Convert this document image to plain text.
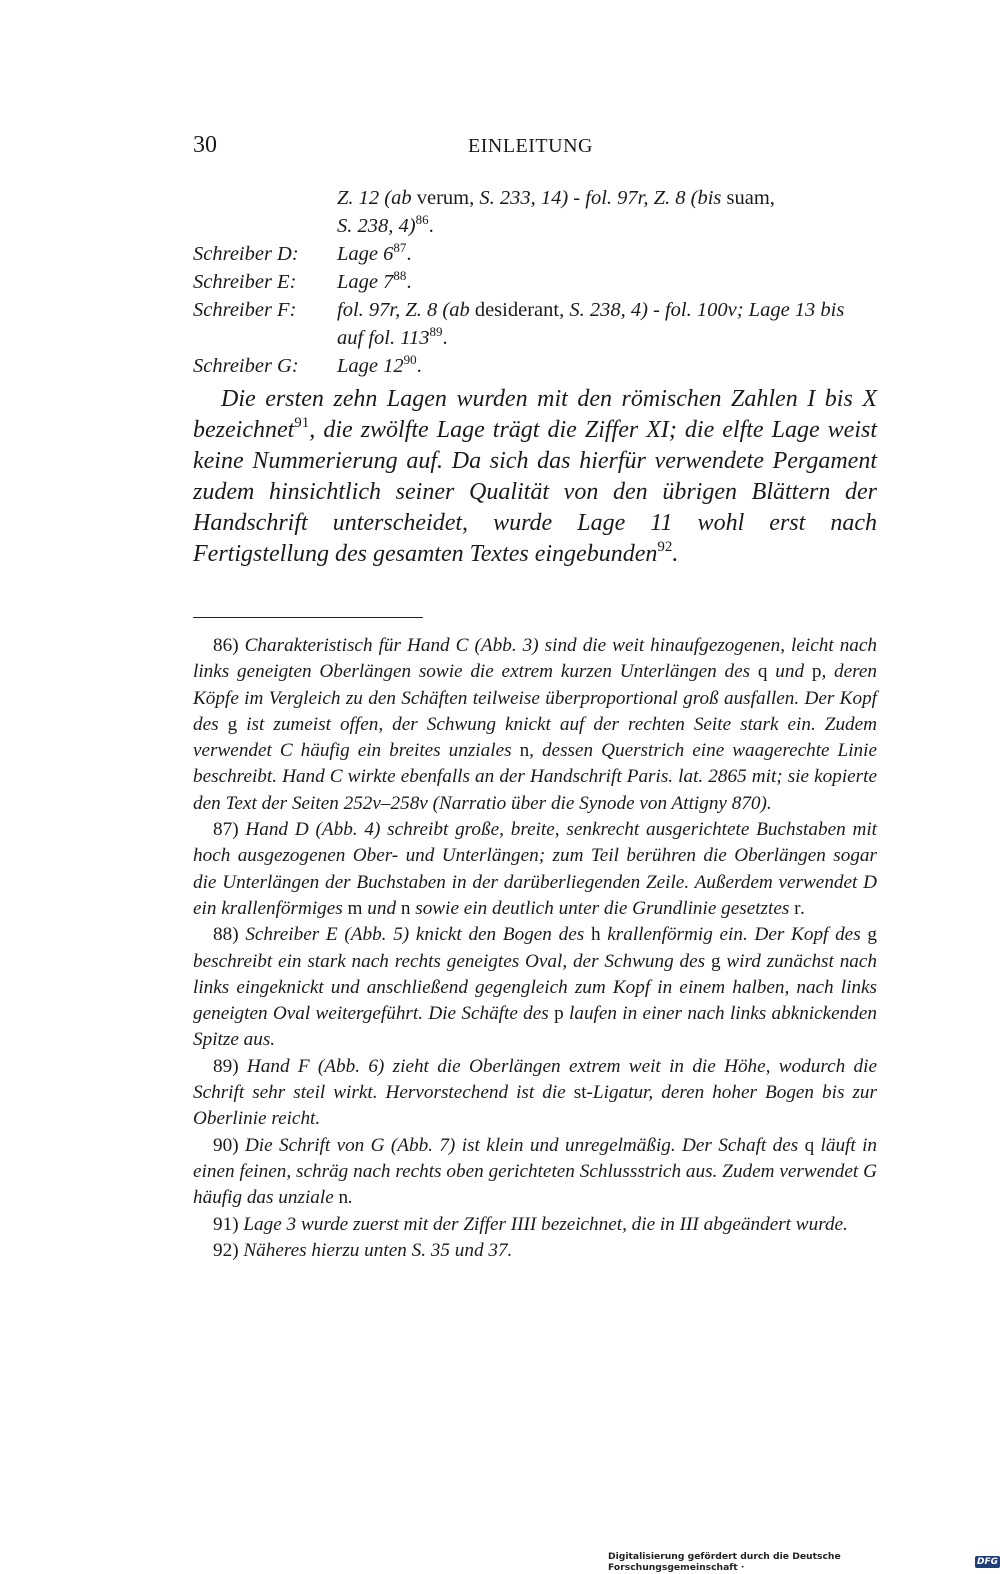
30	EINLEITUNG
Z. 12 (ab verum, S. 233, 14) - fol. 97r, Z. 8 (bis suam,
S. 238, 4)$^{86}$.
Schreiber D:	Lage $6^{87}$.
Schreiber E:	Lage $7^{88}$.
Schreiber F:	fol. 97r, Z. 8 (ab desiderant, S. 238, 4) - fol. 100v; Lage 13 bis
auf fol. $113^{89}$.
Schreiber G:	Lage $12^{90}$.

Die ersten zehn Lagen wurden mit den römischen Zahlen I bis X bezeichnet$^{91}$, die zwölfte Lage trägt die Ziffer XI; die elfte Lage weist keine Nummerierung auf. Da sich das hierfür verwendete Pergament zudem hinsichtlich seiner Qualität von den übrigen Blättern der Handschrift unterscheidet, wurde Lage 11 wohl erst nach Fertigstellung des gesamten Textes eingebunden$^{92}$.

86) Charakteristisch für Hand C (Abb. 3) sind die weit hinaufgezogenen, leicht nach links geneigten Oberlängen sowie die extrem kurzen Unterlängen des q und p, deren Köpfe im Vergleich zu den Schäften teilweise überproportional groß ausfallen. Der Kopf des g ist zumeist offen, der Schwung knickt auf der rechten Seite stark ein. Zudem verwendet C häufig ein breites unziales n, dessen Querstrich eine waagerechte Linie beschreibt. Hand C wirkte ebenfalls an der Handschrift Paris. lat. 2865 mit; sie kopierte den Text der Seiten 252v–258v (Narratio über die Synode von Attigny 870).

87) Hand D (Abb. 4) schreibt große, breite, senkrecht ausgerichtete Buchstaben mit hoch ausgezogenen Ober- und Unterlängen; zum Teil berühren die Oberlängen sogar die Unterlängen der Buchstaben in der darüberliegenden Zeile. Außerdem verwendet D ein krallenförmiges m und n sowie ein deutlich unter die Grundlinie gesetztes r.

88) Schreiber E (Abb. 5) knickt den Bogen des h krallenförmig ein. Der Kopf des g beschreibt ein stark nach rechts geneigtes Oval, der Schwung des g wird zunächst nach links eingeknickt und anschließend gegengleich zum Kopf in einem halben, nach links geneigten Oval weitergeführt. Die Schäfte des p laufen in einer nach links abknickenden Spitze aus.

89) Hand F (Abb. 6) zieht die Oberlängen extrem weit in die Höhe, wodurch die Schrift sehr steil wirkt. Hervorstechend ist die st-Ligatur, deren hoher Bogen bis zur Oberlinie reicht.

90) Die Schrift von G (Abb. 7) ist klein und unregelmäßig. Der Schaft des q läuft in einen feinen, schräg nach rechts oben gerichteten Schlussstrich aus. Zudem verwendet G häufig das unziale n.

91) Lage 3 wurde zuerst mit der Ziffer IIII bezeichnet, die in III abgeändert wurde.

92) Näheres hierzu unten S. 35 und 37.

Digitalisierung gefördert durch die Deutsche Forschungsgemeinschaft ·	DFG
